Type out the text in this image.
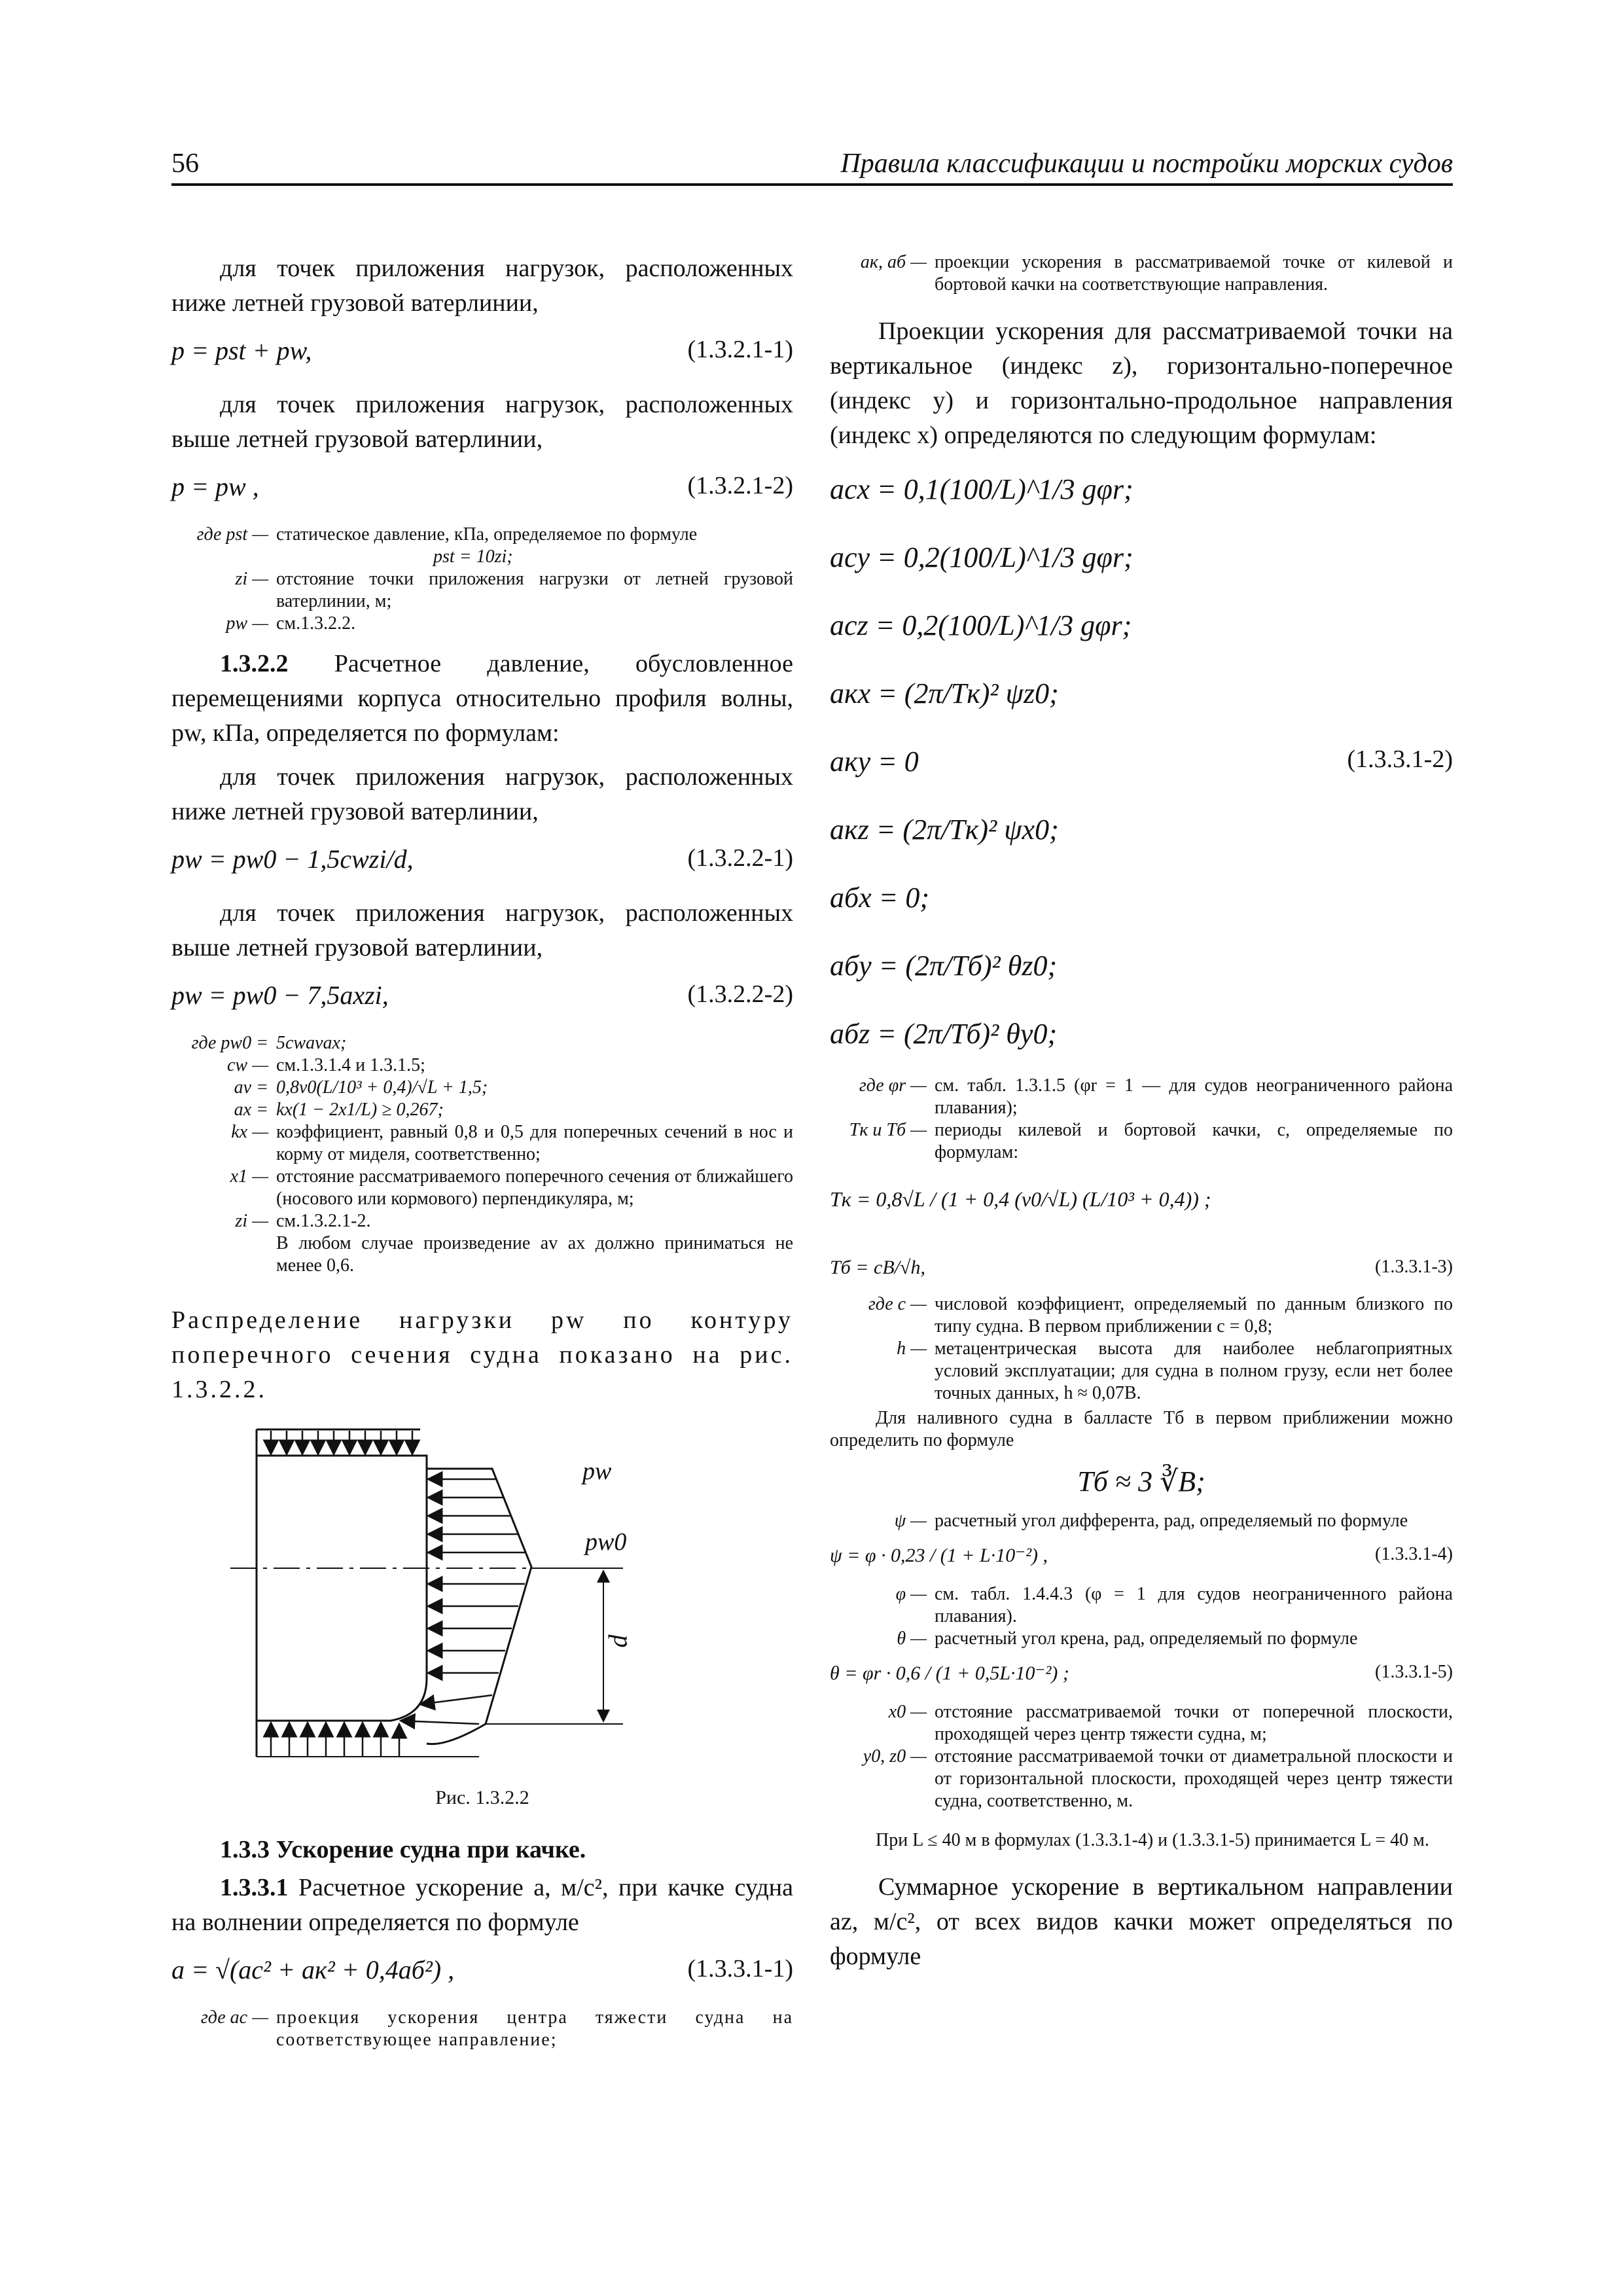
56	Правила классификации и постройки морских судов

для точек приложения нагрузок, расположенных ниже летней грузовой ватерлинии,

p = pst + pw,	(1.3.2.1-1)

для точек приложения нагрузок, расположенных выше летней грузовой ватерлинии,

p = pw ,	(1.3.2.1-2)
где pst — статическое давление, кПа, определяемое по формуле
pst = 10zi;
zi — отстояние точки приложения нагрузки от летней грузовой ватерлинии, м;
pw — см.1.3.2.2.

1.3.2.2 Расчетное давление, обусловленное перемещениями корпуса относительно профиля волны, pw, кПа, определяется по формулам:

для точек приложения нагрузок, расположенных ниже летней грузовой ватерлинии,

pw = pw0 − 1,5cwzi/d,	(1.3.2.2-1)

для точек приложения нагрузок, расположенных выше летней грузовой ватерлинии,

pw = pw0 − 7,5axzi,	(1.3.2.2-2)
где pw0 = 5cwavax;
cw — см.1.3.1.4 и 1.3.1.5;
av = 0,8v0(L/10³ + 0,4)/√L + 1,5;
ax = kx(1 − 2x1/L) ≥ 0,267;
kx — коэффициент, равный 0,8 и 0,5 для поперечных сечений в нос и корму от миделя, соответственно;
x1 — отстояние рассматриваемого поперечного сечения от ближайшего (носового или кормового) перпендикуляра, м;
zi — см.1.3.2.1-2.
В любом случае произведение av ax должно приниматься не менее 0,6.

Распределение нагрузки pw по контуру поперечного сечения судна показано на рис. 1.3.2.2.

pw
pw0
d
Рис. 1.3.2.2
1.3.3 Ускорение судна при качке.

1.3.3.1 Расчетное ускорение a, м/с², при качке судна на волнении определяется по формуле

a = √(ac² + aк² + 0,4aб²) ,	(1.3.3.1-1)
где ac — проекция ускорения центра тяжести судна на соответствующее направление;
aк, aб — проекции ускорения в рассматриваемой точке от килевой и бортовой качки на соответствующие направления.

Проекции ускорения для рассматриваемой точки на вертикальное (индекс z), горизонтально-поперечное (индекс y) и горизонтально-продольное направления (индекс x) определяются по следующим формулам:

acx = 0,1(100/L)^1/3 gφr;
acy = 0,2(100/L)^1/3 gφr;
acz = 0,2(100/L)^1/3 gφr;
aкx = (2π/Tк)² ψz0;
aкy = 0	(1.3.3.1-2)
aкz = (2π/Tк)² ψx0;
aбx = 0;
aбy = (2π/Tб)² θz0;
aбz = (2π/Tб)² θy0;
где φr — см. табл. 1.3.1.5 (φr = 1 — для судов неограниченного района плавания);
Tк и Tб — периоды килевой и бортовой качки, с, определяемые по формулам:
Tк = 0,8√L / (1 + 0,4 (v0/√L) (L/10³ + 0,4)) ;
Tб = cB/√h,	(1.3.3.1-3)
где c — числовой коэффициент, определяемый по данным близкого по типу судна. В первом приближении c = 0,8;
h — метацентрическая высота для наиболее неблагоприятных условий эксплуатации; для судна в полном грузу, если нет более точных данных, h ≈ 0,07B.

Для наливного судна в балласте Tб в первом приближении можно определить по формуле

Tб ≈ 3 ∛B;
ψ — расчетный угол дифферента, рад, определяемый по формуле
ψ = φ · 0,23 / (1 + L·10⁻²) ,	(1.3.3.1-4)
φ — см. табл. 1.4.4.3 (φ = 1 для судов неограниченного района плавания).
θ — расчетный угол крена, рад, определяемый по формуле
θ = φr · 0,6 / (1 + 0,5L·10⁻²) ;	(1.3.3.1-5)
x0 — отстояние рассматриваемой точки от поперечной плоскости, проходящей через центр тяжести судна, м;
y0, z0 — отстояние рассматриваемой точки от диаметральной плоскости и от горизонтальной плоскости, проходящей через центр тяжести судна, соответственно, м.

При L ≤ 40 м в формулах (1.3.3.1-4) и (1.3.3.1-5) принимается L = 40 м.

Суммарное ускорение в вертикальном направлении az, м/с², от всех видов качки может определяться по формуле
